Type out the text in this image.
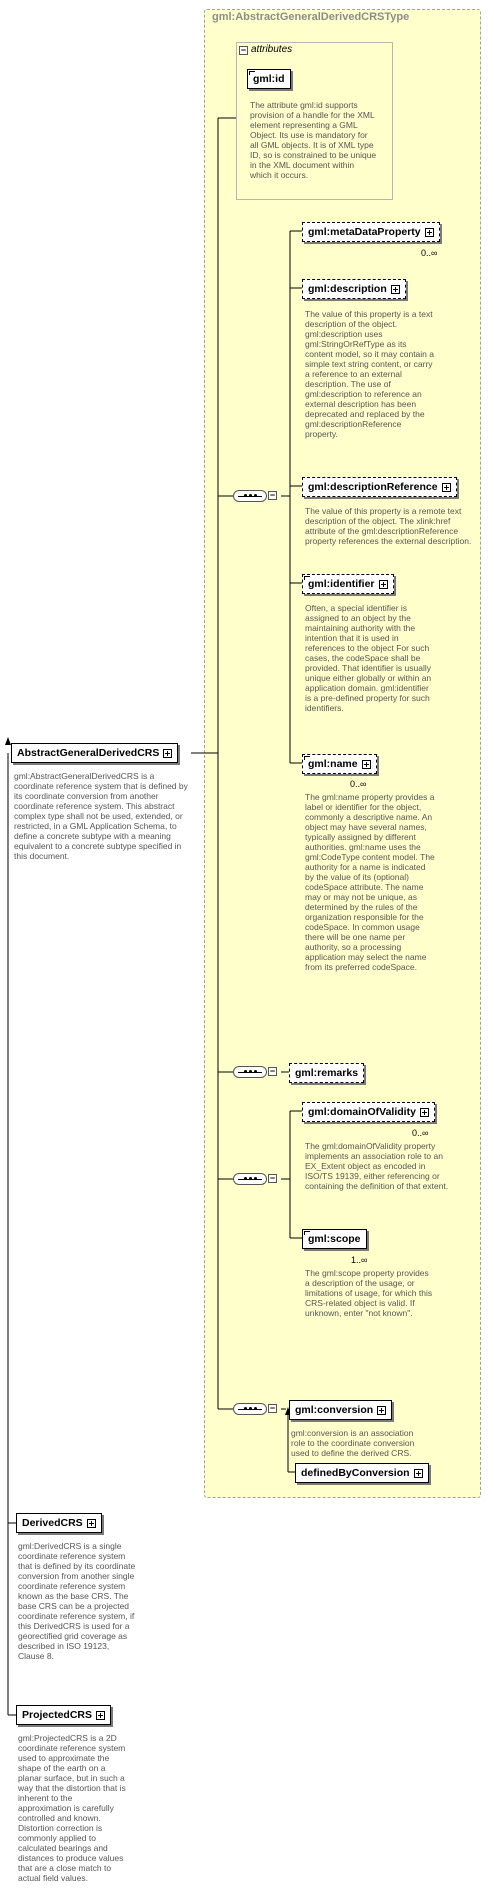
gml:AbstractGeneralDerivedCRSType
− attributes
gml:id
The attribute gml:id supports provision of a handle for the XML element representing a GML Object. Its use is mandatory for all GML objects. It is of XML type ID, so is constrained to be unique in the XML document within which it occurs.
−
−
−
−
gml:metaDataProperty
0..∞
gml:description
The value of this property is a text description of the object. gml:description uses gml:StringOrRefType as its content model, so it may contain a simple text string content, or carry a reference to an external description. The use of gml:description to reference an external description has been deprecated and replaced by the gml:descriptionReference property.
gml:descriptionReference
The value of this property is a remote text description of the object. The xlink:href attribute of the gml:descriptionReference property references the external description.
gml:identifier
Often, a special identifier is assigned to an object by the maintaining authority with the intention that it is used in references to the object For such cases, the codeSpace shall be provided. That identifier is usually unique either globally or within an application domain. gml:identifier is a pre-defined property for such identifiers.
gml:name
0..∞
The gml:name property provides a label or identifier for the object, commonly a descriptive name. An object may have several names, typically assigned by different authorities. gml:name uses the gml:CodeType content model. The authority for a name is indicated by the value of its (optional) codeSpace attribute. The name may or may not be unique, as determined by the rules of the organization responsible for the codeSpace. In common usage there will be one name per authority, so a processing application may select the name from its preferred codeSpace.
gml:remarks
gml:domainOfValidity
0..∞
The gml:domainOfValidity property implements an association role to an EX_Extent object as encoded in ISO/TS 19139, either referencing or containing the definition of that extent.
gml:scope
1..∞
The gml:scope property provides a description of the usage, or limitations of usage, for which this CRS-related object is valid. If unknown, enter "not known".
gml:conversion
gml:conversion is an association role to the coordinate conversion used to define the derived CRS.
definedByConversion
AbstractGeneralDerivedCRS
gml:AbstractGeneralDerivedCRS is a coordinate reference system that is defined by its coordinate conversion from another coordinate reference system. This abstract complex type shall not be used, extended, or restricted, in a GML Application Schema, to define a concrete subtype with a meaning equivalent to a concrete subtype specified in this document.
DerivedCRS
gml:DerivedCRS is a single coordinate reference system that is defined by its coordinate conversion from another single coordinate reference system known as the base CRS. The base CRS can be a projected coordinate reference system, if this DerivedCRS is used for a georectified grid coverage as described in ISO 19123, Clause 8.
ProjectedCRS
gml:ProjectedCRS is a 2D coordinate reference system used to approximate the shape of the earth on a planar surface, but in such a way that the distortion that is inherent to the approximation is carefully controlled and known. Distortion correction is commonly applied to calculated bearings and distances to produce values that are a close match to actual field values.
